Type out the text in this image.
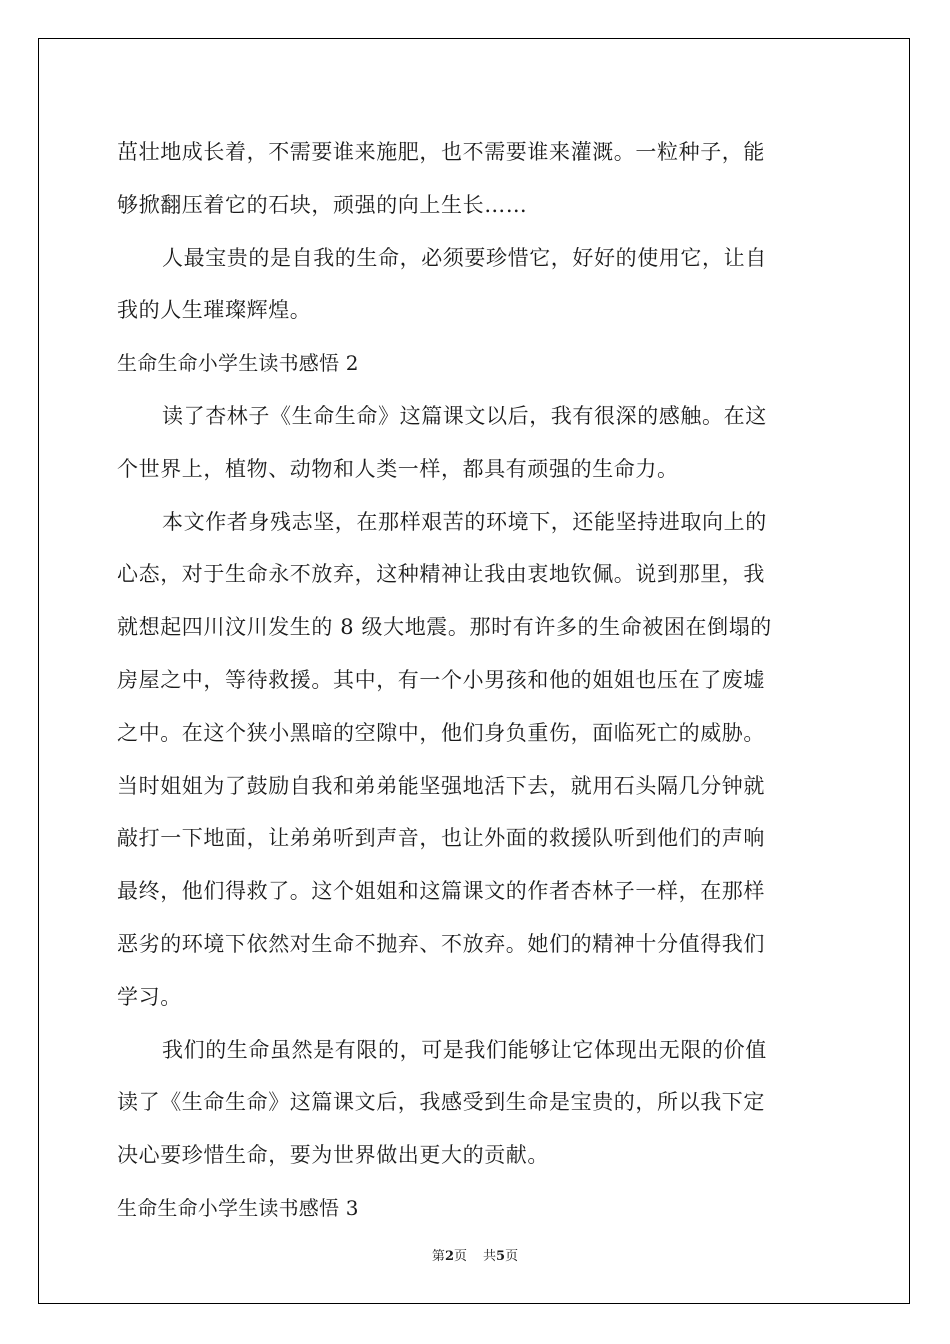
茁壮地成长着，不需要谁来施肥，也不需要谁来灌溉。一粒种子，能
够掀翻压着它的石块，顽强的向上生长……
人最宝贵的是自我的生命，必须要珍惜它，好好的使用它，让自
我的人生璀璨辉煌。
生命生命小学生读书感悟 2
读了杏林子《生命生命》这篇课文以后，我有很深的感触。在这
个世界上，植物、动物和人类一样，都具有顽强的生命力。
本文作者身残志坚，在那样艰苦的环境下，还能坚持进取向上的
心态，对于生命永不放弃，这种精神让我由衷地钦佩。说到那里，我
就想起四川汶川发生的 8 级大地震。那时有许多的生命被困在倒塌的
房屋之中，等待救援。其中，有一个小男孩和他的姐姐也压在了废墟
之中。在这个狭小黑暗的空隙中，他们身负重伤，面临死亡的威胁。
当时姐姐为了鼓励自我和弟弟能坚强地活下去，就用石头隔几分钟就
敲打一下地面，让弟弟听到声音，也让外面的救援队听到他们的声响
最终，他们得救了。这个姐姐和这篇课文的作者杏林子一样，在那样
恶劣的环境下依然对生命不抛弃、不放弃。她们的精神十分值得我们
学习。
我们的生命虽然是有限的，可是我们能够让它体现出无限的价值
读了《生命生命》这篇课文后，我感受到生命是宝贵的，所以我下定
决心要珍惜生命，要为世界做出更大的贡献。
生命生命小学生读书感悟 3
第2页 共5页
